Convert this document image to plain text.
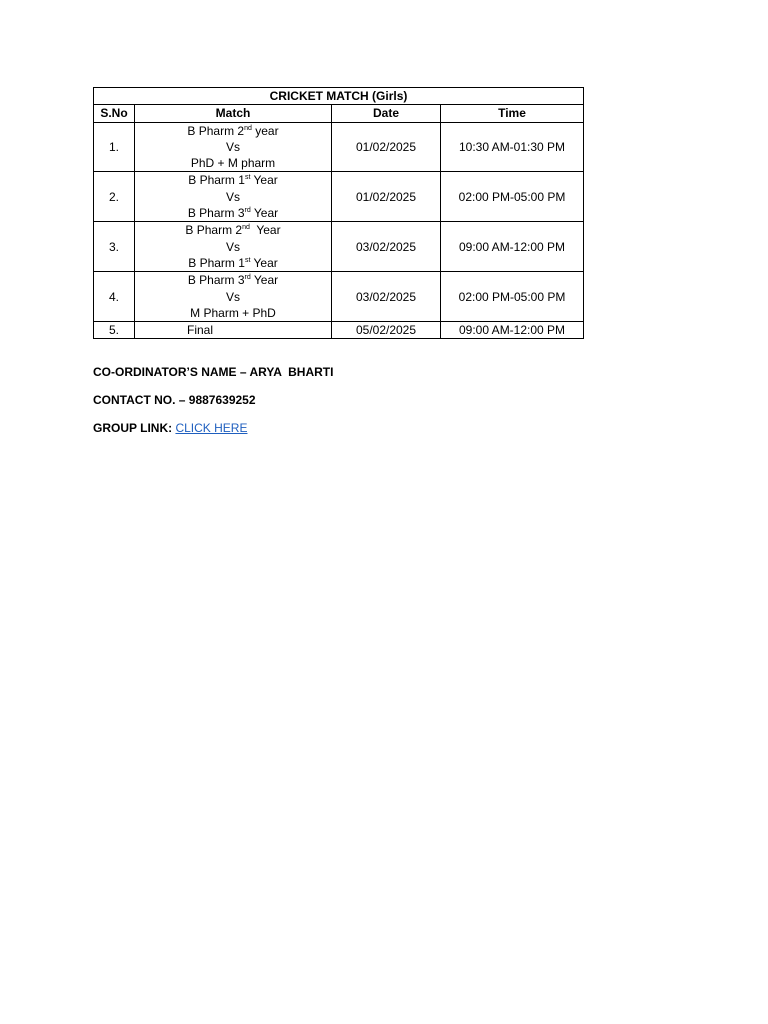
CRICKET MATCH (Girls)			
S.No	Match	Date	Time
1.	B Pharm 2nd year
Vs
PhD + M pharm	01/02/2025	10:30 AM-01:30 PM
2.	B Pharm 1st Year
Vs
B Pharm 3rd Year	01/02/2025	02:00 PM-05:00 PM
3.	B Pharm 2nd  Year
Vs
B Pharm 1st Year	03/02/2025	09:00 AM-12:00 PM
4.	B Pharm 3rd Year
Vs
M Pharm + PhD	03/02/2025	02:00 PM-05:00 PM
5.	Final	05/02/2025	09:00 AM-12:00 PM
CO-ORDINATOR’S NAME – ARYA  BHARTI
CONTACT NO. – 9887639252
GROUP LINK: CLICK HERE
